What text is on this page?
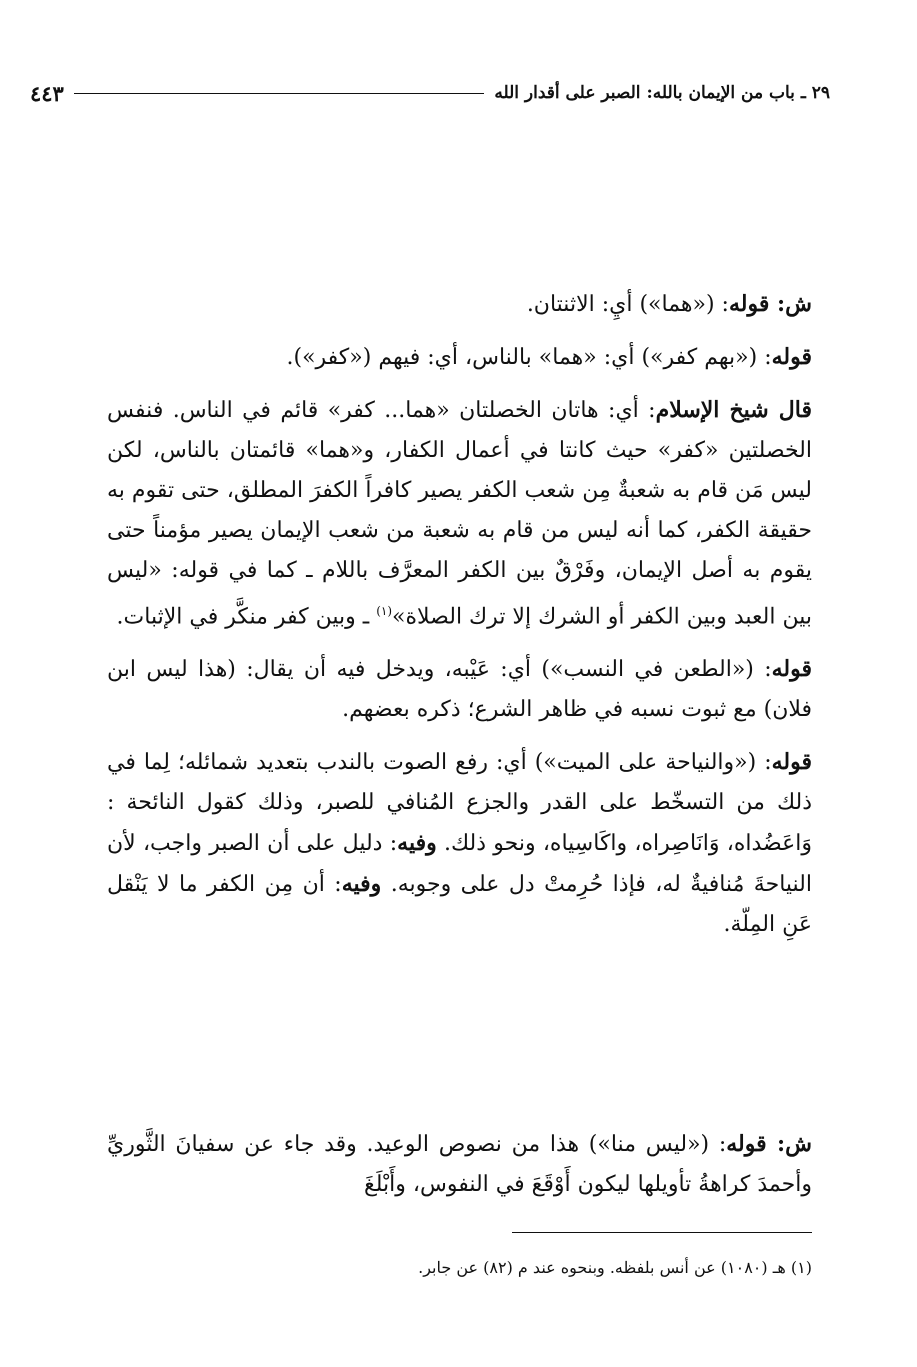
٢٩ ـ باب من الإيمان بالله: الصبر على أقدار الله
٤٤٣

ش: قوله: («هما») أيِ: الاثنتان.

قوله: («بهم كفر») أي: «هما» بالناس، أي: فيهم («كفر»).

قال شيخ الإسلام: أي: هاتان الخصلتان «هما... كفر» قائم في الناس. فنفس الخصلتين «كفر» حيث كانتا في أعمال الكفار، و«هما» قائمتان بالناس، لكن ليس مَن قام به شعبةٌ مِن شعب الكفر يصير كافراً الكفرَ المطلق، حتى تقوم به حقيقة الكفر، كما أنه ليس من قام به شعبة من شعب الإيمان يصير مؤمناً حتى يقوم به أصل الإيمان، وفَرْقٌ بين الكفر المعرَّف باللام ـ كما في قوله: «ليس بين العبد وبين الكفر أو الشرك إلا ترك الصلاة»$^{(١)}$ ـ وبين كفر منكَّر في الإثبات.

قوله: («الطعن في النسب») أي: عَيْبه، ويدخل فيه أن يقال: (هذا ليس ابن فلان) مع ثبوت نسبه في ظاهر الشرع؛ ذكره بعضهم.

قوله: («والنياحة على الميت») أي: رفع الصوت بالندب بتعديد شمائله؛ لِما في ذلك من التسخّط على القدر والجزع المُنافي للصبر، وذلك كقول النائحة : وَاعَضُداه، وَانَاصِراه، واكَاسِياه، ونحو ذلك. وفيه: دليل على أن الصبر واجب، لأن النياحةَ مُنافيةٌ له، فإذا حُرِمتْ دل على وجوبه. وفيه: أن مِن الكفر ما لا يَنْقل عَنِ المِلّة.

ش: قوله: («ليس منا») هذا من نصوص الوعيد. وقد جاء عن سفيانَ الثَّوريِّ وأحمدَ كراهةُ تأويلها ليكون أَوْقَعَ في النفوس، وأَبْلَغَ

(١) هـ (١٠٨٠) عن أنس بلفظه. وبنحوه عند م (٨٢) عن جابر.
